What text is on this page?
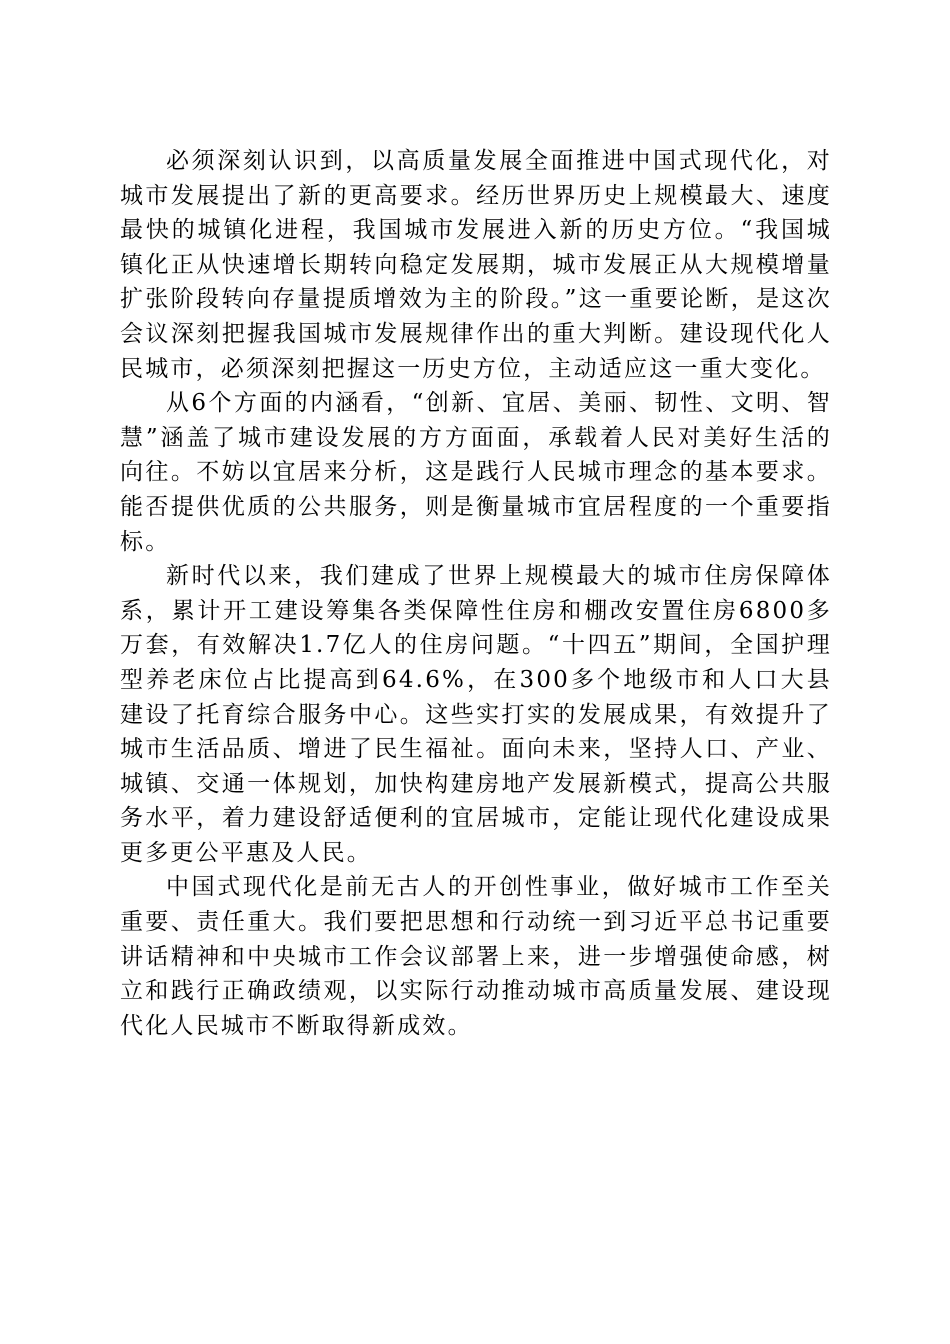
必须深刻认识到，以高质量发展全面推进中国式现代化，对城市发展提出了新的更高要求。经历世界历史上规模最大、速度最快的城镇化进程，我国城市发展进入新的历史方位。“我国城镇化正从快速增长期转向稳定发展期，城市发展正从大规模增量扩张阶段转向存量提质增效为主的阶段。”这一重要论断，是这次会议深刻把握我国城市发展规律作出的重大判断。建设现代化人民城市，必须深刻把握这一历史方位，主动适应这一重大变化。

从6个方面的内涵看，“创新、宜居、美丽、韧性、文明、智慧”涵盖了城市建设发展的方方面面，承载着人民对美好生活的向往。不妨以宜居来分析，这是践行人民城市理念的基本要求。能否提供优质的公共服务，则是衡量城市宜居程度的一个重要指标。

新时代以来，我们建成了世界上规模最大的城市住房保障体系，累计开工建设筹集各类保障性住房和棚改安置住房6800多万套，有效解决1.7亿人的住房问题。“十四五”期间，全国护理型养老床位占比提高到64.6%，在300多个地级市和人口大县建设了托育综合服务中心。这些实打实的发展成果，有效提升了城市生活品质、增进了民生福祉。面向未来，坚持人口、产业、城镇、交通一体规划，加快构建房地产发展新模式，提高公共服务水平，着力建设舒适便利的宜居城市，定能让现代化建设成果更多更公平惠及人民。

中国式现代化是前无古人的开创性事业，做好城市工作至关重要、责任重大。我们要把思想和行动统一到习近平总书记重要讲话精神和中央城市工作会议部署上来，进一步增强使命感，树立和践行正确政绩观，以实际行动推动城市高质量发展、建设现代化人民城市不断取得新成效。
